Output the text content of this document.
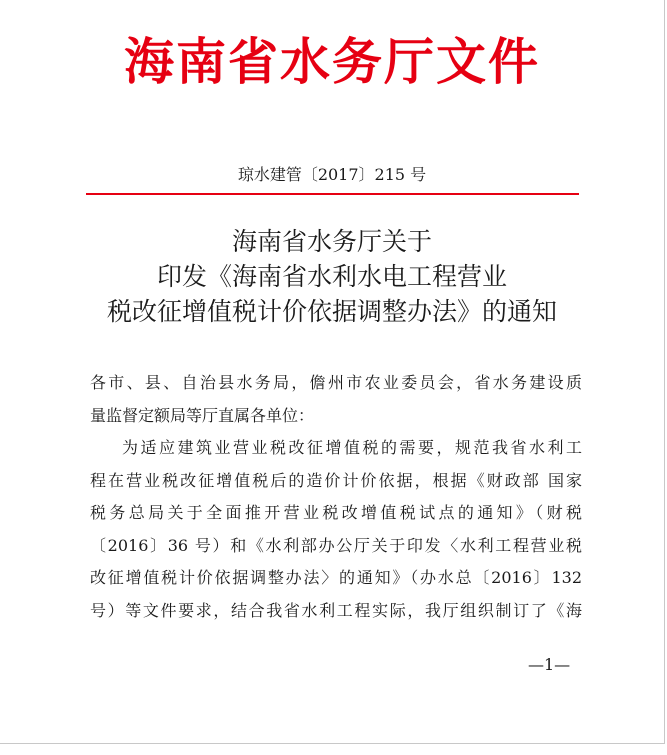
海南省水务厅文件
琼水建管〔2017〕215 号
海南省水务厅关于
印发《海南省水利水电工程营业
税改征增值税计价依据调整办法》的通知
各市、县、自治县水务局，儋州市农业委员会，省水务建设质
量监督定额局等厅直属各单位：
为适应建筑业营业税改征增值税的需要，规范我省水利工
程在营业税改征增值税后的造价计价依据，根据《财政部 国家
税务总局关于全面推开营业税改增值税试点的通知》（财税
〔2016〕36 号）和《水利部办公厅关于印发〈水利工程营业税
改征增值税计价依据调整办法〉的通知》（办水总〔2016〕132
号）等文件要求，结合我省水利工程实际，我厅组织制订了《海
—1—
